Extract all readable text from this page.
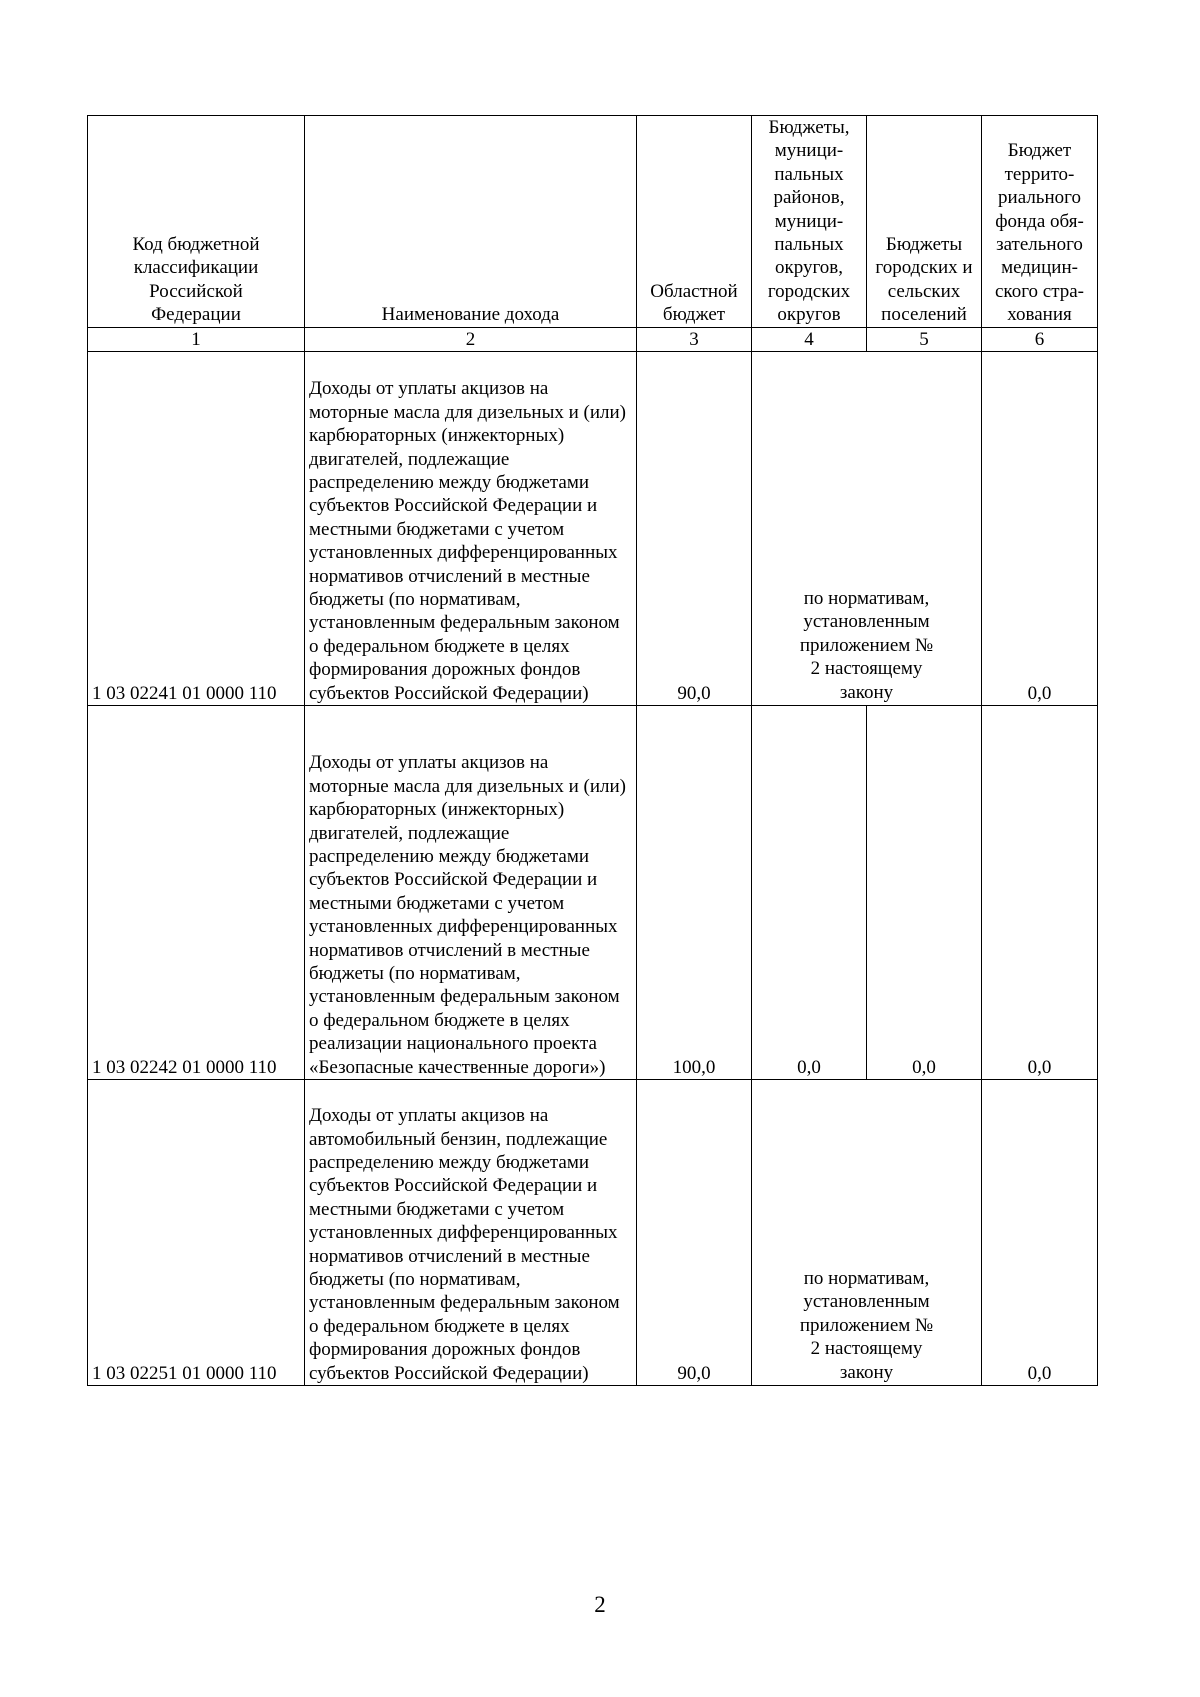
Код бюджетной классификации Российской Федерации	Наименование дохода	Областной бюджет	Бюджеты, муници-пальных районов, муници-пальных округов, городских округов	Бюджеты городских и сельских поселений	Бюджет террито-риального фонда обя-зательного медицин-ского стра-хования
1	2	3	4	5	6
1 03 02241 01 0000 110	Доходы от уплаты акцизов на моторные масла для дизельных и (или) карбюраторных (инжекторных) двигателей, подлежащие распределению между бюджетами субъектов Российской Федерации и местными бюджетами с учетом установленных дифференцированных нормативов отчислений в местные бюджеты (по нормативам, установленным федеральным законом о федеральном бюджете в целях формирования дорожных фондов субъектов Российской Федерации)	90,0	по нормативам, установленным приложением № 2 настоящему закону		0,0
1 03 02242 01 0000 110	Доходы от уплаты акцизов на моторные масла для дизельных и (или) карбюраторных (инжекторных) двигателей, подлежащие распределению между бюджетами субъектов Российской Федерации и местными бюджетами с учетом установленных дифференцированных нормативов отчислений в местные бюджеты (по нормативам, установленным федеральным законом о федеральном бюджете в целях реализации национального проекта «Безопасные качественные дороги»)	100,0	0,0	0,0	0,0
1 03 02251 01 0000 110	Доходы от уплаты акцизов на автомобильный бензин, подлежащие распределению между бюджетами субъектов Российской Федерации и местными бюджетами с учетом установленных дифференцированных нормативов отчислений в местные бюджеты (по нормативам, установленным федеральным законом о федеральном бюджете в целях формирования дорожных фондов субъектов Российской Федерации)	90,0	по нормативам, установленным приложением № 2 настоящему закону		0,0
2
